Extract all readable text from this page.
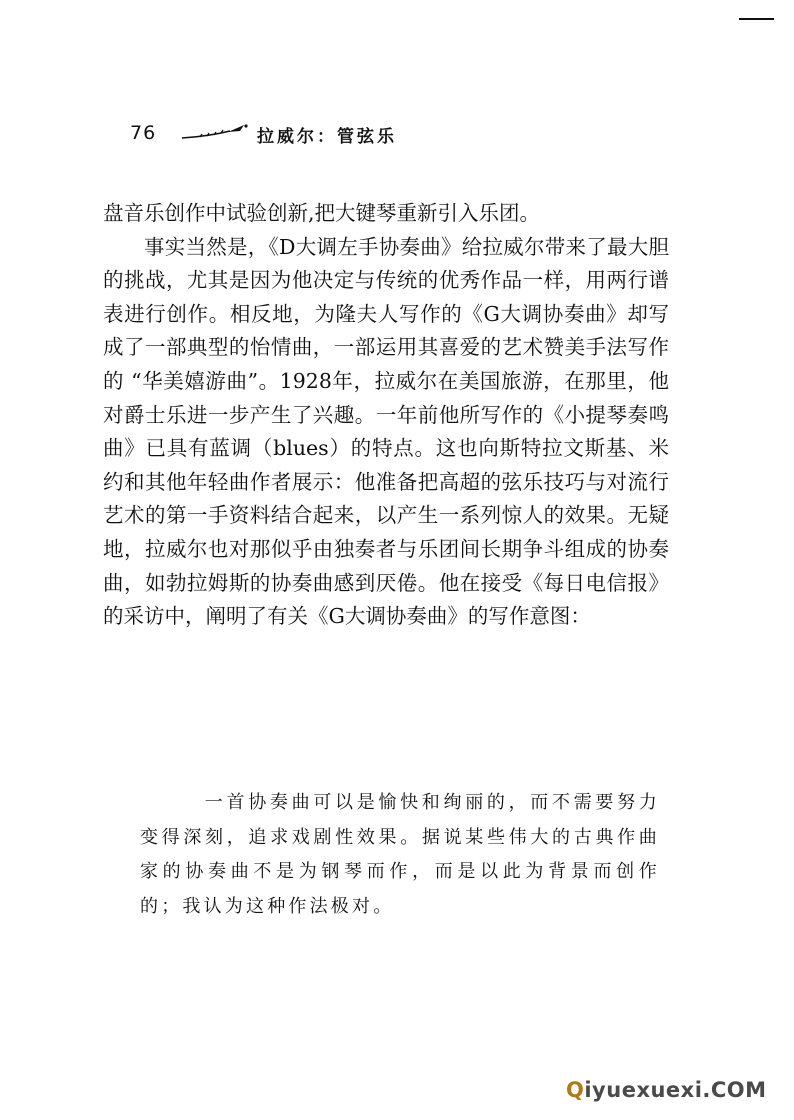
76	拉威尔：管弦乐

盘音乐创作中试验创新,把大键琴重新引入乐团。

事实当然是，《D大调左手协奏曲》给拉威尔带来了最大胆的挑战，尤其是因为他决定与传统的优秀作品一样，用两行谱表进行创作。相反地，为隆夫人写作的《G大调协奏曲》却写成了一部典型的怡情曲，一部运用其喜爱的艺术赞美手法写作的 “华美嬉游曲”。1928年，拉威尔在美国旅游，在那里，他对爵士乐进一步产生了兴趣。一年前他所写作的《小提琴奏鸣曲》已具有蓝调（blues）的特点。这也向斯特拉文斯基、米约和其他年轻曲作者展示：他准备把高超的弦乐技巧与对流行艺术的第一手资料结合起来，以产生一系列惊人的效果。无疑地，拉威尔也对那似乎由独奏者与乐团间长期争斗组成的协奏曲，如勃拉姆斯的协奏曲感到厌倦。他在接受《每日电信报》的采访中，阐明了有关《G大调协奏曲》的写作意图：

一首协奏曲可以是愉快和绚丽的，而不需要努力变得深刻，追求戏剧性效果。据说某些伟大的古典作曲家的协奏曲不是为钢琴而作，而是以此为背景而创作的；我认为这种作法极对。

Qiyuexuexi.COM
